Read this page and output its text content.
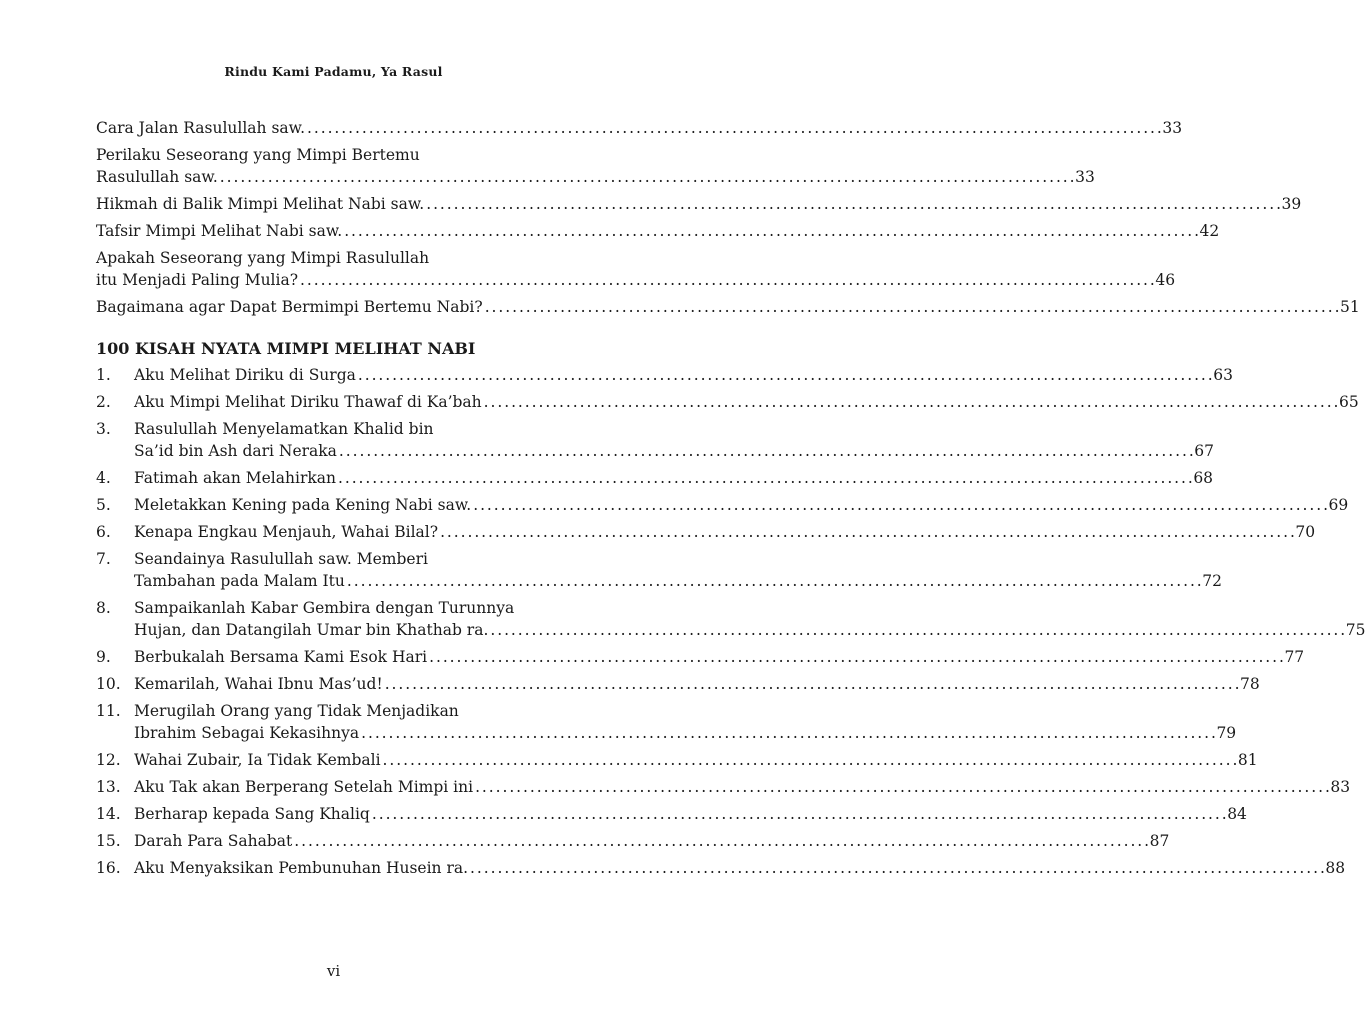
Rindu Kami Padamu, Ya Rasul
Cara Jalan Rasulullah saw. . . .	33
Perilaku Seseorang yang Mimpi Bertemu
Rasulullah saw. . . .	33
Hikmah di Balik Mimpi Melihat Nabi saw. . . .	39
Tafsir Mimpi Melihat Nabi saw. . . .	42
Apakah Seseorang yang Mimpi Rasulullah
itu Menjadi Paling Mulia? . . .	46
Bagaimana agar Dapat Bermimpi Bertemu Nabi? . . .	51
100 KISAH NYATA MIMPI MELIHAT NABI
1.	Aku Melihat Diriku di Surga . . .	63
2.	Aku Mimpi Melihat Diriku Thawaf di Ka’bah . . .	65
3.	Rasulullah Menyelamatkan Khalid bin
Sa’id bin Ash dari Neraka . . .	67
4.	Fatimah akan Melahirkan . . .	68
5.	Meletakkan Kening pada Kening Nabi saw. . . .	69
6.	Kenapa Engkau Menjauh, Wahai Bilal? . . .	70
7.	Seandainya Rasulullah saw. Memberi
Tambahan pada Malam Itu . . .	72
8.	Sampaikanlah Kabar Gembira dengan Turunnya
Hujan, dan Datangilah Umar bin Khathab ra. . . .	75
9.	Berbukalah Bersama Kami Esok Hari . . .	77
10. Kemarilah, Wahai Ibnu Mas’ud! . . .	78
11. Merugilah Orang yang Tidak Menjadikan
Ibrahim Sebagai Kekasihnya . . .	79
12. Wahai Zubair, Ia Tidak Kembali . . .	81
13. Aku Tak akan Berperang Setelah Mimpi ini . . .	83
14. Berharap kepada Sang Khaliq . . .	84
15. Darah Para Sahabat . . .	87
16. Aku Menyaksikan Pembunuhan Husein ra. . . .	88
vi
